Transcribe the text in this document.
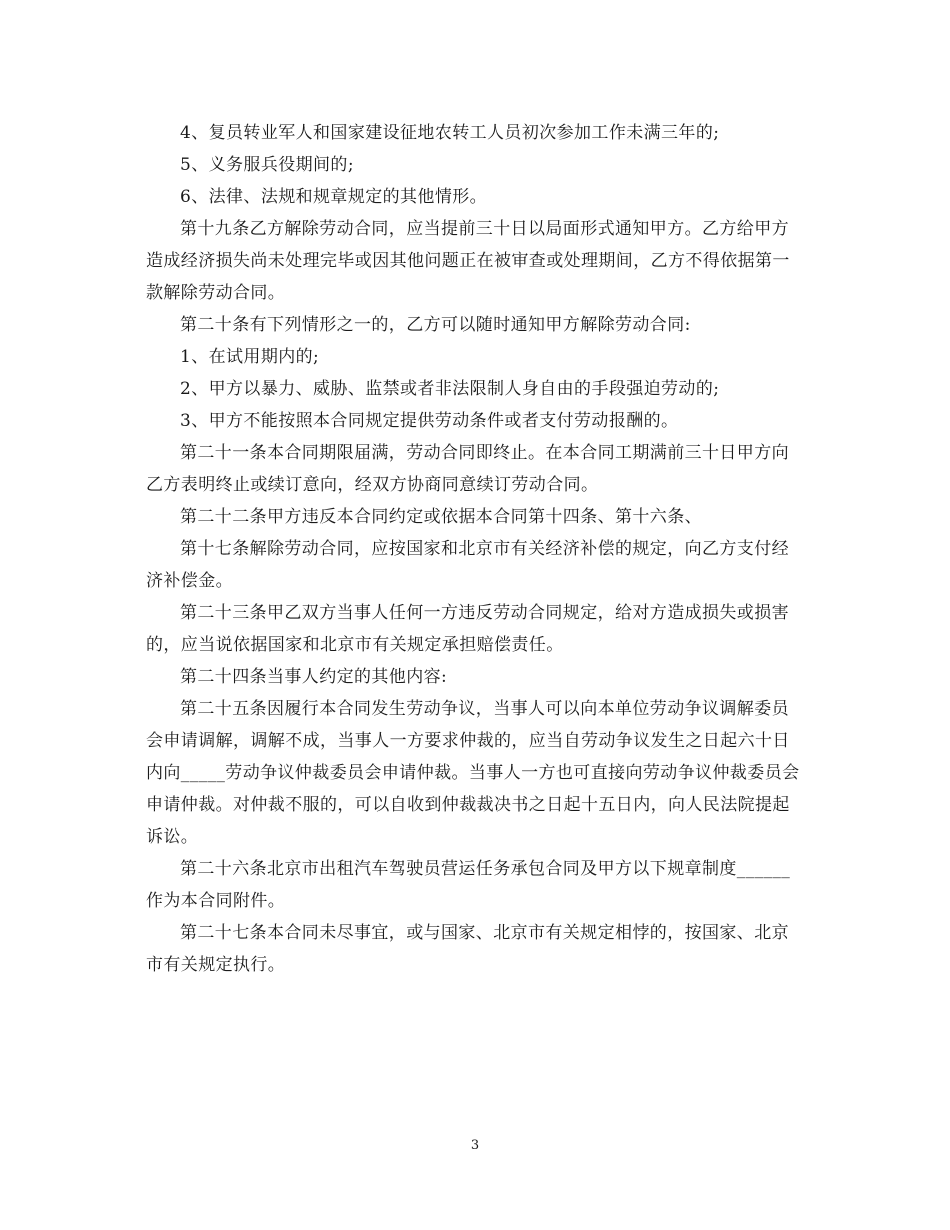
4、复员转业军人和国家建设征地农转工人员初次参加工作未满三年的;

5、义务服兵役期间的;

6、法律、法规和规章规定的其他情形。

第十九条乙方解除劳动合同，应当提前三十日以局面形式通知甲方。乙方给甲方造成经济损失尚未处理完毕或因其他问题正在被审查或处理期间，乙方不得依据第一款解除劳动合同。

第二十条有下列情形之一的，乙方可以随时通知甲方解除劳动合同:

1、在试用期内的;

2、甲方以暴力、威胁、监禁或者非法限制人身自由的手段强迫劳动的;

3、甲方不能按照本合同规定提供劳动条件或者支付劳动报酬的。

第二十一条本合同期限届满，劳动合同即终止。在本合同工期满前三十日甲方向乙方表明终止或续订意向，经双方协商同意续订劳动合同。

第二十二条甲方违反本合同约定或依据本合同第十四条、第十六条、

第十七条解除劳动合同，应按国家和北京市有关经济补偿的规定，向乙方支付经济补偿金。

第二十三条甲乙双方当事人任何一方违反劳动合同规定，给对方造成损失或损害的，应当说依据国家和北京市有关规定承担赔偿责任。

第二十四条当事人约定的其他内容:

第二十五条因履行本合同发生劳动争议，当事人可以向本单位劳动争议调解委员会申请调解，调解不成，当事人一方要求仲裁的，应当自劳动争议发生之日起六十日内向_____劳动争议仲裁委员会申请仲裁。当事人一方也可直接向劳动争议仲裁委员会申请仲裁。对仲裁不服的，可以自收到仲裁裁决书之日起十五日内，向人民法院提起诉讼。

第二十六条北京市出租汽车驾驶员营运任务承包合同及甲方以下规章制度______作为本合同附件。

第二十七条本合同未尽事宜，或与国家、北京市有关规定相悖的，按国家、北京市有关规定执行。

3
